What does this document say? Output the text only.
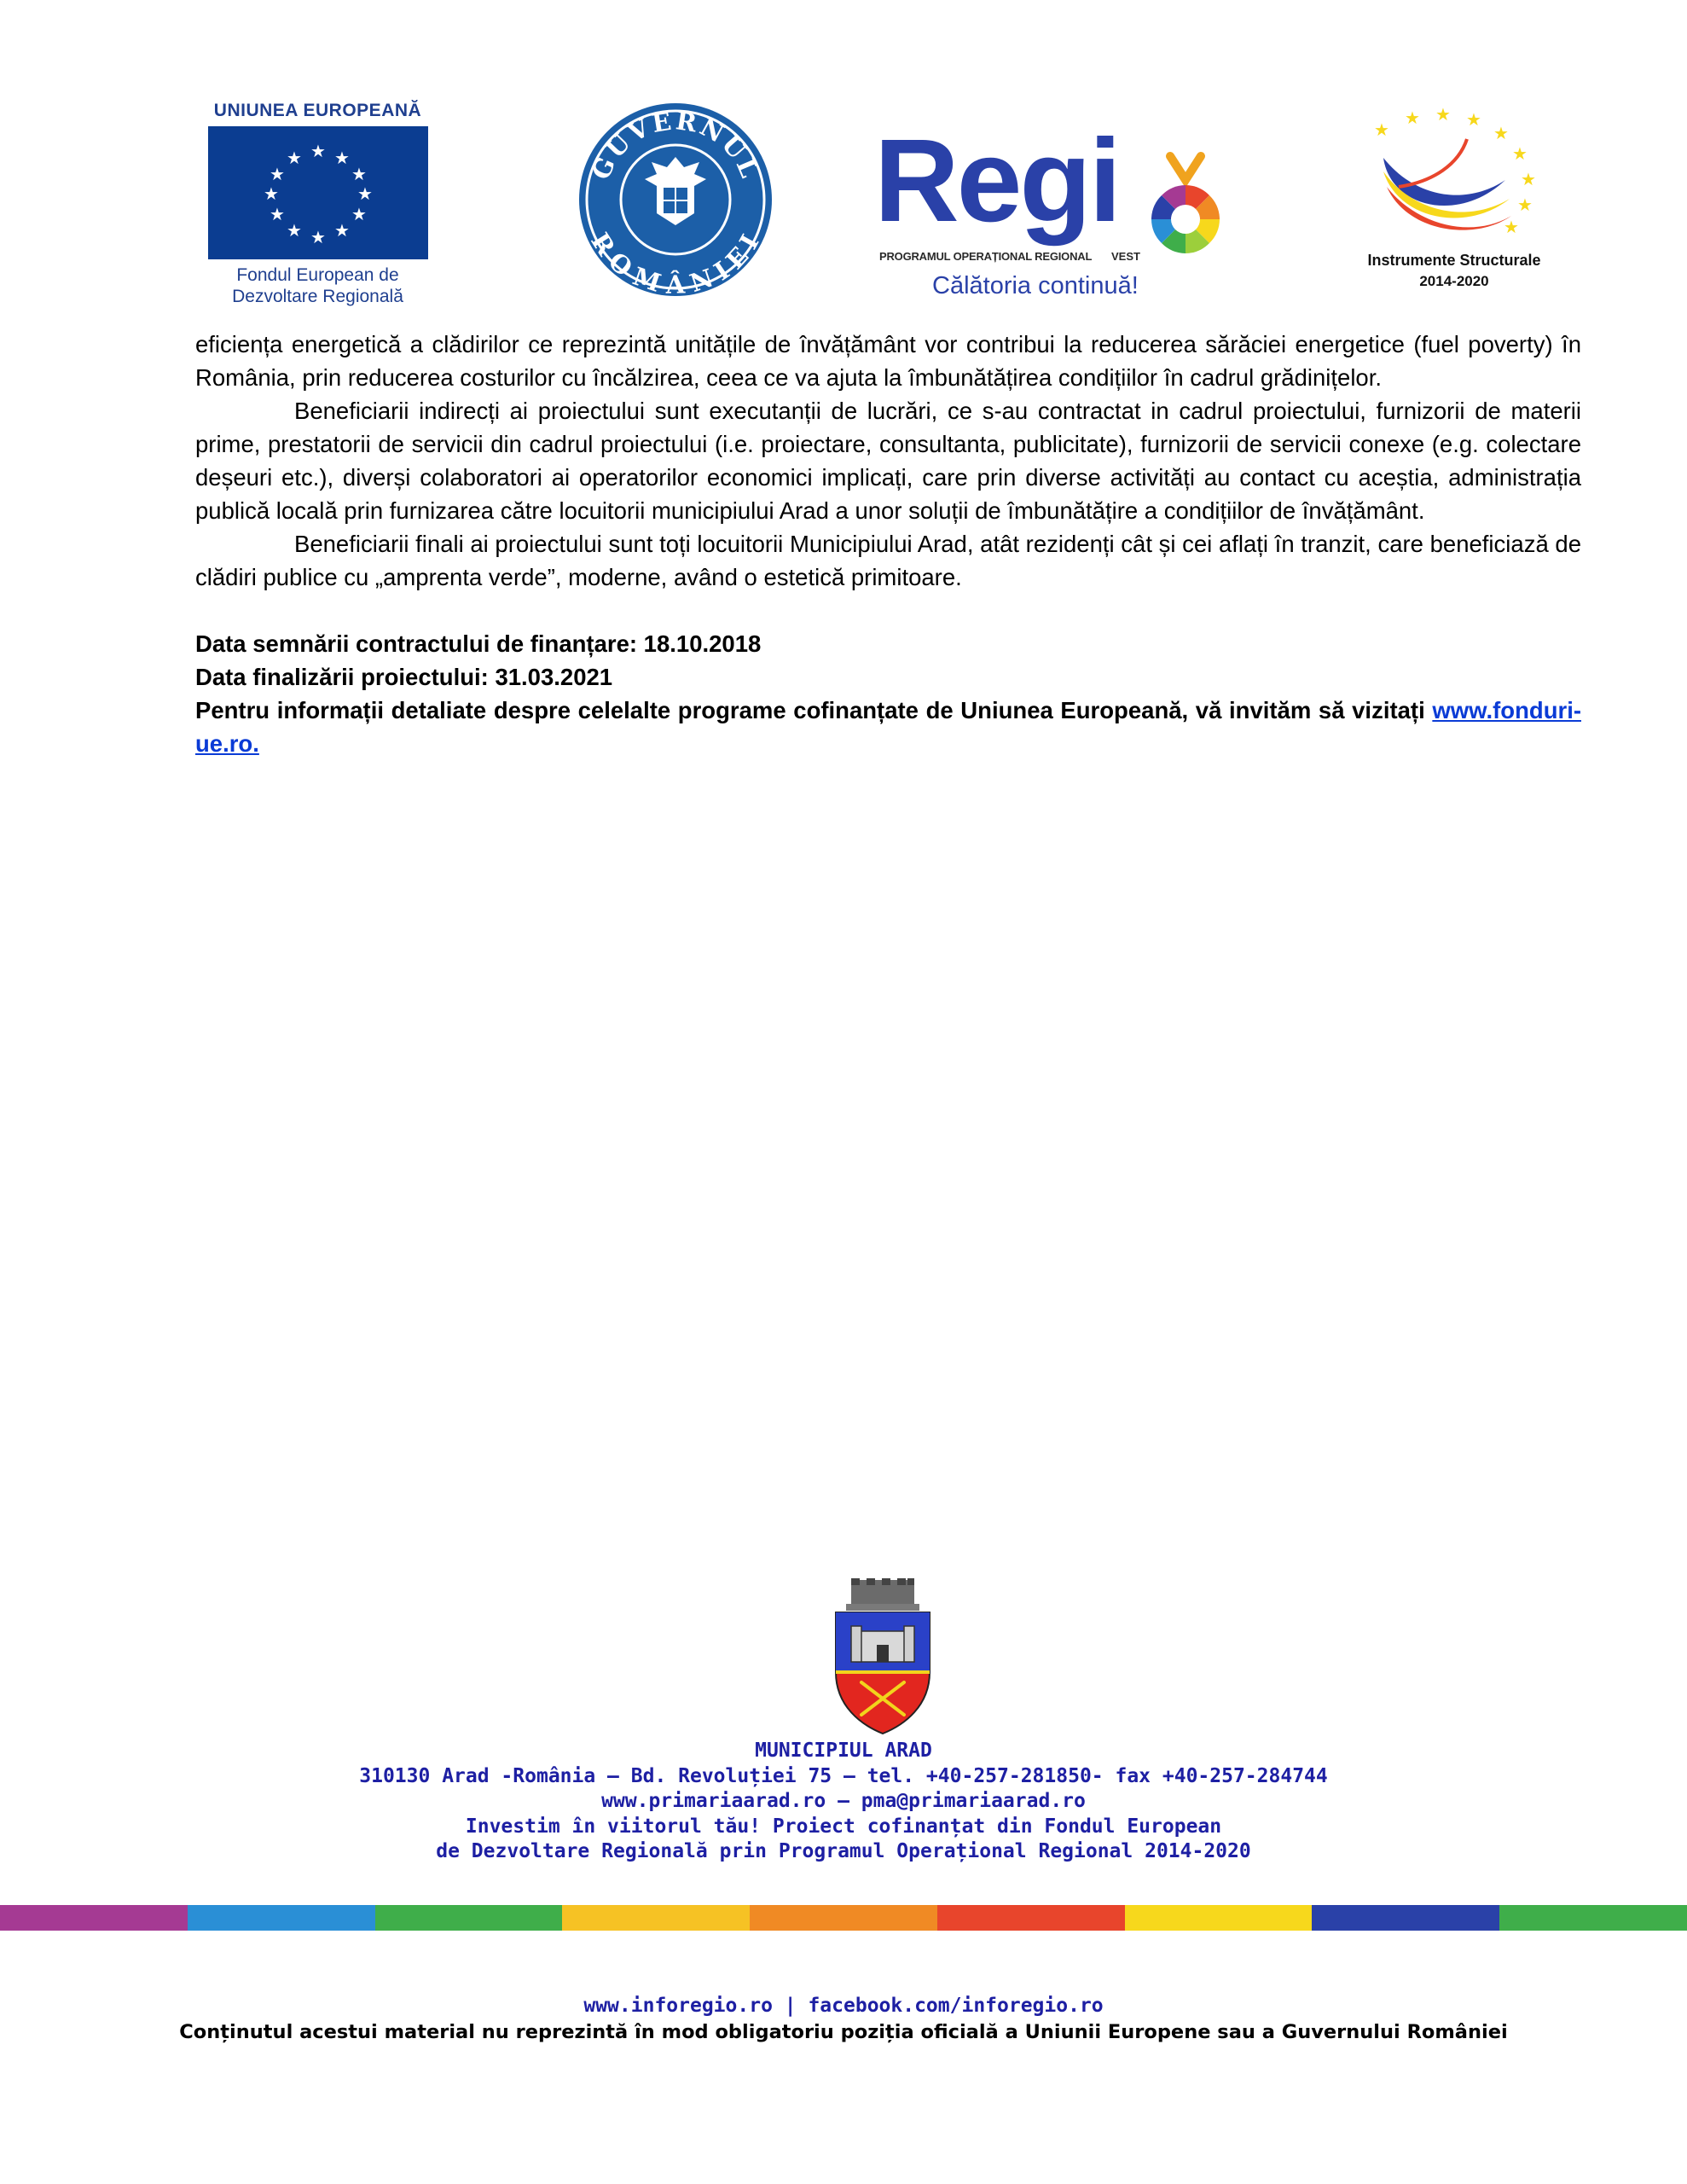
UNIUNEA EUROPEANĂ
★ ★
★
★
★
★
★
★
★
★
★
★
Fondul European de
Dezvoltare Regională
GUVERNUL
ROMÂNIEI Regi
PROGRAMUL OPERAȚIONAL REGIONAL VEST
Călătoria continuă!
★
★ ★ ★
★
★
★
★
★
Instrumente Structurale
2014-2020

eficiența energetică a clădirilor ce reprezintă unitățile de învățământ vor contribui la reducerea sărăciei energetice (fuel poverty) în România, prin reducerea costurilor cu încălzirea, ceea ce va ajuta la îmbunătățirea condițiilor în cadrul grădinițelor.

Beneficiarii indirecți ai proiectului sunt executanții de lucrări, ce s-au contractat in cadrul proiectului, furnizorii de materii prime, prestatorii de servicii din cadrul proiectului (i.e. proiectare, consultanta, publicitate), furnizorii de servicii conexe (e.g. colectare deșeuri etc.), diverși colaboratori ai operatorilor economici implicați, care prin diverse activități au contact cu aceștia, administrația publică locală prin furnizarea către locuitorii municipiului Arad a unor soluții de îmbunătățire a condițiilor de învățământ.

Beneficiarii finali ai proiectului sunt toți locuitorii Municipiului Arad, atât rezidenți cât și cei aflați în tranzit, care beneficiază de clădiri publice cu „amprenta verde”, moderne, având o estetică primitoare.

Data semnării contractului de finanțare: 18.10.2018

Data finalizării proiectului: 31.03.2021

Pentru informații detaliate despre celelalte programe cofinanțate de Uniunea Europeană, vă invităm să vizitați www.fonduri-ue.ro.

MUNICIPIUL ARAD
310130 Arad -România – Bd. Revoluției 75 – tel. +40-257-281850- fax +40-257-284744
www.primariaarad.ro – pma@primariaarad.ro
Investim în viitorul tău! Proiect cofinanțat din Fondul European
de Dezvoltare Regională prin Programul Operațional Regional 2014-2020
www.inforegio.ro | facebook.com/inforegio.ro
Conținutul acestui material nu reprezintă în mod obligatoriu poziția oficială a Uniunii Europene sau a Guvernului României
